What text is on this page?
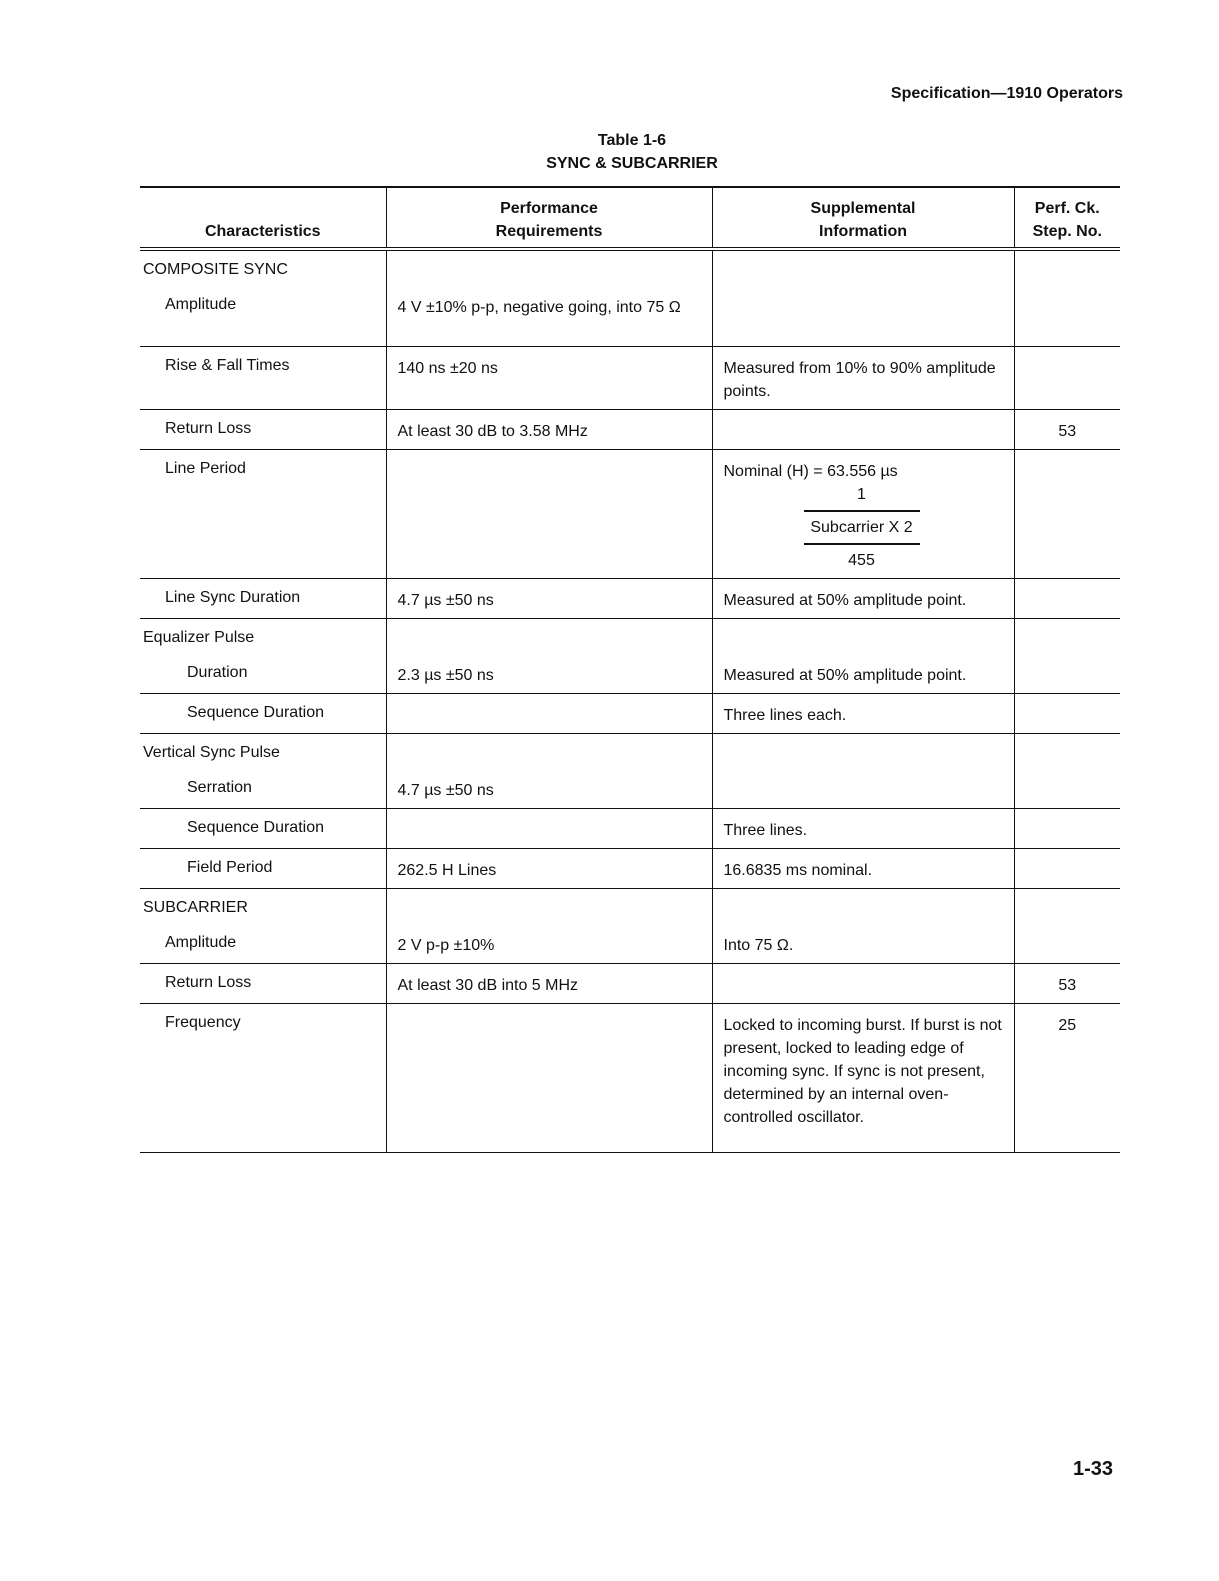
Specification—1910 Operators
Table 1-6
SYNC & SUBCARRIER
Characteristics	Performance Requirements	Supplemental Information	Perf. Ck. Step. No.

COMPOSITE SYNC
Amplitude	4 V ±10% p-p, negative going, into 75 Ω		

Rise & Fall Times	140 ns ±20 ns	Measured from 10% to 90% amplitude points.	

Return Loss	At least 30 dB to 3.58 MHz		53

Line Period		Nominal (H) = 63.556 µs
1
Subcarrier X 2
455	

Line Sync Duration	4.7 µs ±50 ns	Measured at 50% amplitude point.	

Equalizer Pulse
Duration	2.3 µs ±50 ns	Measured at 50% amplitude point.	

Sequence Duration		Three lines each.	

Vertical Sync Pulse
Serration	4.7 µs ±50 ns		

Sequence Duration		Three lines.	

Field Period	262.5 H Lines	16.6835 ms nominal.	

SUBCARRIER
Amplitude	2 V p-p ±10%	Into 75 Ω.	

Return Loss	At least 30 dB into 5 MHz		53

Frequency		Locked to incoming burst. If burst is not present, locked to leading edge of incoming sync. If sync is not present, determined by an internal oven-controlled oscillator.	25
1-33
